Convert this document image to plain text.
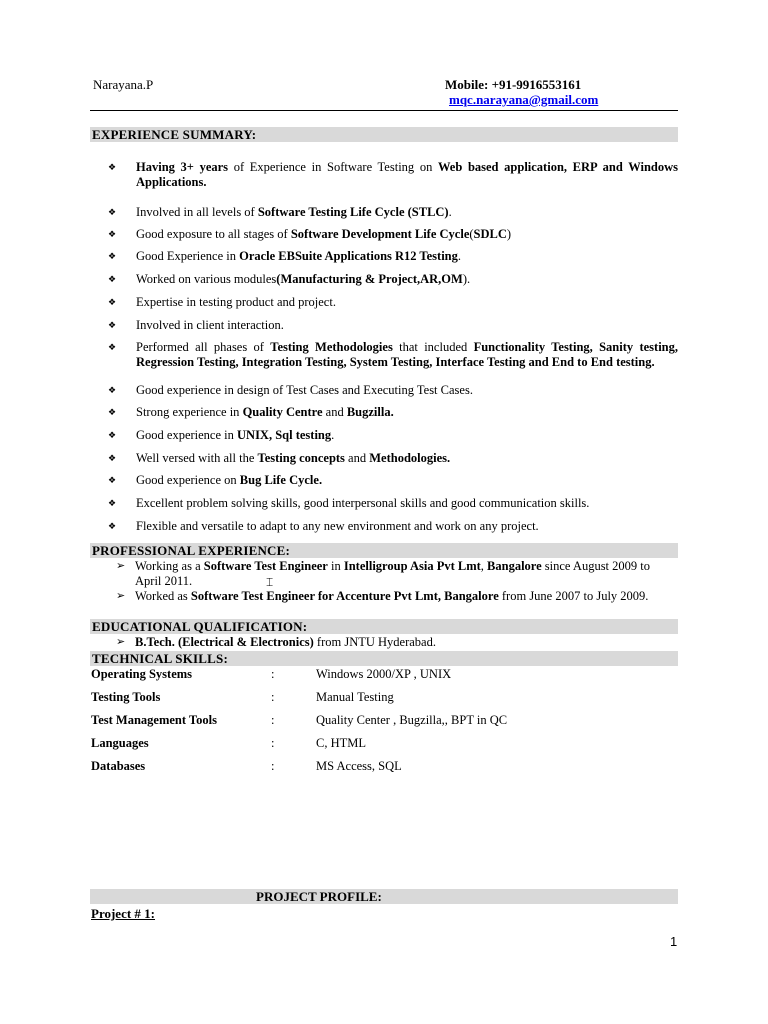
Narayana.P	Mobile: +91-9916553161
mqc.narayana@gmail.com
EXPERIENCE SUMMARY:
❖ Having 3+ years of Experience in Software Testing on Web based application, ERP and Windows Applications.
❖ Involved in all levels of Software Testing Life Cycle (STLC).
❖ Good exposure to all stages of Software Development Life Cycle(SDLC)
❖ Good Experience in Oracle EBSuite Applications R12 Testing.
❖ Worked on various modules(Manufacturing & Project,AR,OM).
❖ Expertise in testing product and project.
❖ Involved in client interaction.
❖ Performed all phases of Testing Methodologies that included Functionality Testing, Sanity testing, Regression Testing, Integration Testing, System Testing, Interface Testing and End to End testing.
❖ Good experience in design of Test Cases and Executing Test Cases.
❖ Strong experience in Quality Centre and Bugzilla.
❖ Good experience in UNIX, Sql testing.
❖ Well versed with all the Testing concepts and Methodologies.
❖ Good experience on Bug Life Cycle.
❖ Excellent problem solving skills, good interpersonal skills and good communication skills.
❖ Flexible and versatile to adapt to any new environment and work on any project.
PROFESSIONAL EXPERIENCE:
➢ Working as a Software Test Engineer in Intelligroup Asia Pvt Lmt, Bangalore since August 2009 to April 2011.
➢ Worked as Software Test Engineer for Accenture Pvt Lmt, Bangalore from June 2007 to July 2009.
⌶
EDUCATIONAL QUALIFICATION:
➢ B.Tech. (Electrical & Electronics) from JNTU Hyderabad.
TECHNICAL SKILLS:
Operating Systems	:	Windows 2000/XP , UNIX
Testing Tools	:	Manual Testing
Test Management Tools	:	Quality Center , Bugzilla,, BPT in QC
Languages	:	C, HTML
Databases	:	MS Access, SQL
PROJECT PROFILE:
Project # 1:
1
